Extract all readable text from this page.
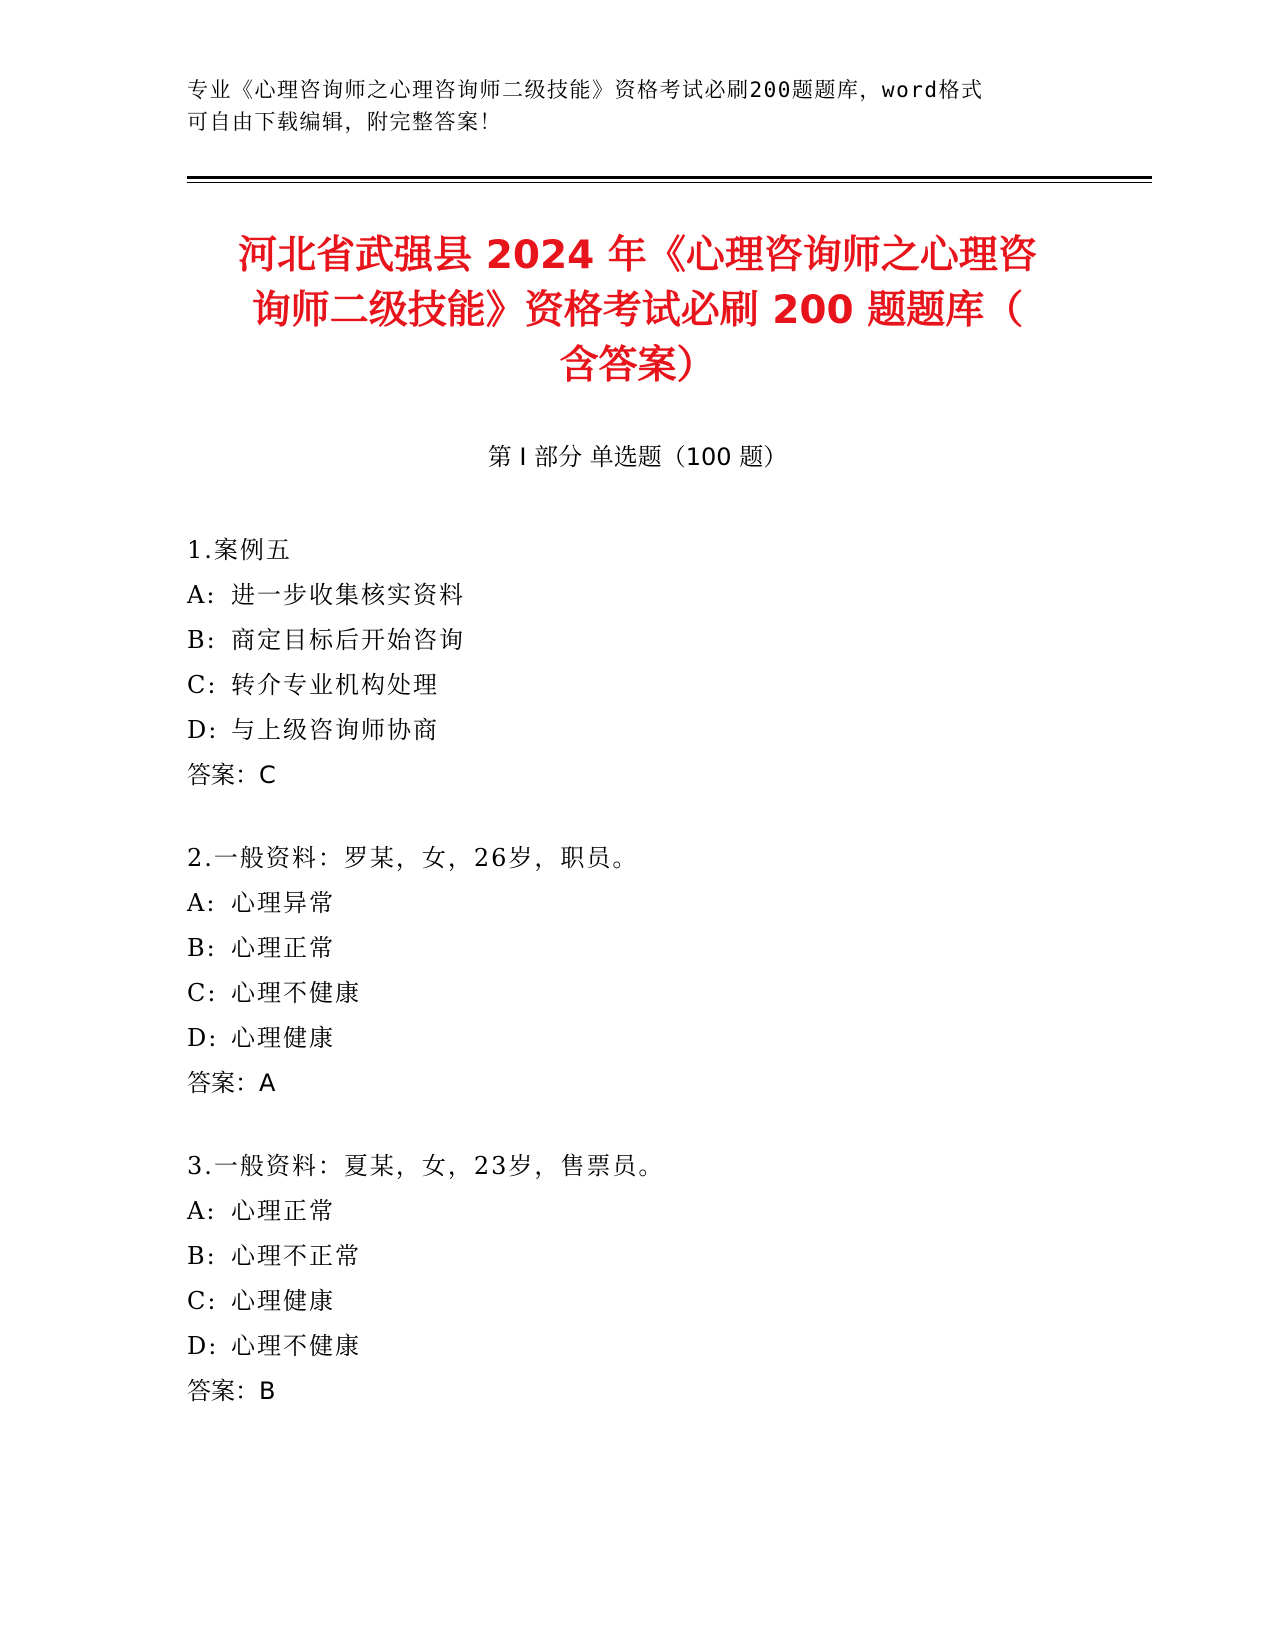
专业《心理咨询师之心理咨询师二级技能》资格考试必刷200题题库，word格式
可自由下载编辑，附完整答案！
河北省武强县 2024 年《心理咨询师之心理咨
询师二级技能》资格考试必刷 200 题题库（
含答案）
第 I 部分 单选题（100 题）
1.案例五
A: 进一步收集核实资料
B: 商定目标后开始咨询
C: 转介专业机构处理
D: 与上级咨询师协商
答案：C
2.一般资料：罗某，女，26岁，职员。
A: 心理异常
B: 心理正常
C: 心理不健康
D: 心理健康
答案：A
3.一般资料：夏某，女，23岁，售票员。
A: 心理正常
B: 心理不正常
C: 心理健康
D: 心理不健康
答案：B
